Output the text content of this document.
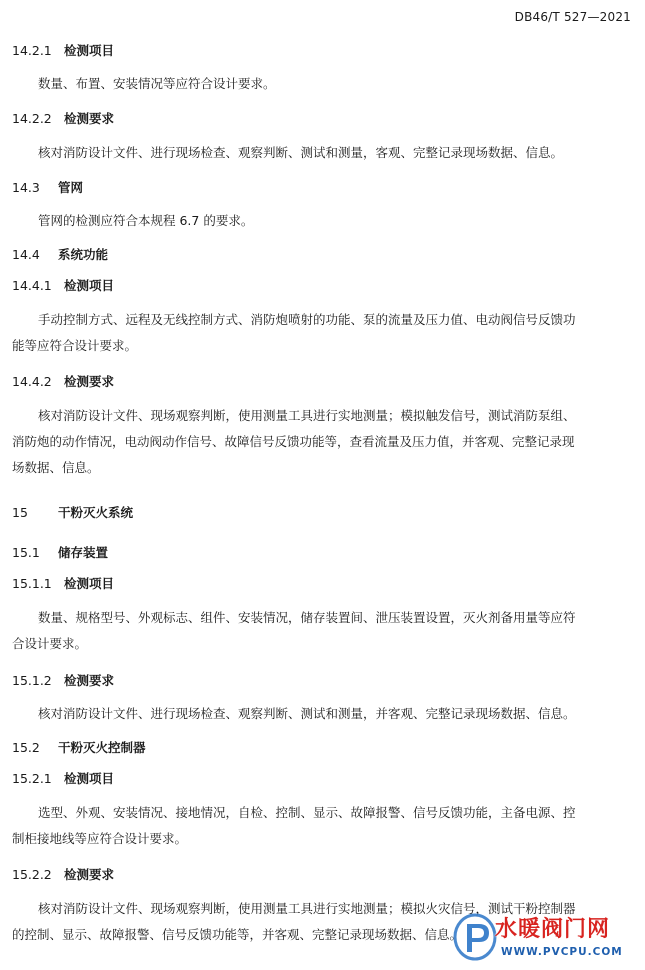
DB46/T 527—2021
14.2.1 检测项目
数量、布置、安装情况等应符合设计要求。
14.2.2 检测要求
核对消防设计文件、进行现场检查、观察判断、测试和测量，客观、完整记录现场数据、信息。
14.3 管网
管网的检测应符合本规程 6.7 的要求。
14.4 系统功能
14.4.1 检测项目
手动控制方式、远程及无线控制方式、消防炮喷射的功能、泵的流量及压力值、电动阀信号反馈功
能等应符合设计要求。
14.4.2 检测要求
核对消防设计文件、现场观察判断，使用测量工具进行实地测量；模拟触发信号，测试消防泵组、
消防炮的动作情况，电动阀动作信号、故障信号反馈功能等，查看流量及压力值，并客观、完整记录现
场数据、信息。
15 干粉灭火系统
15.1 储存装置
15.1.1 检测项目
数量、规格型号、外观标志、组件、安装情况，储存装置间、泄压装置设置，灭火剂备用量等应符
合设计要求。
15.1.2 检测要求
核对消防设计文件、进行现场检查、观察判断、测试和测量，并客观、完整记录现场数据、信息。
15.2 干粉灭火控制器
15.2.1 检测项目
选型、外观、安装情况、接地情况，自检、控制、显示、故障报警、信号反馈功能，主备电源、控
制柜接地线等应符合设计要求。
15.2.2 检测要求
核对消防设计文件、现场观察判断，使用测量工具进行实地测量；模拟火灾信号，测试干粉控制器
的控制、显示、故障报警、信号反馈功能等，并客观、完整记录现场数据、信息。	水暖阀门网
WWW.PVCPU.COM
